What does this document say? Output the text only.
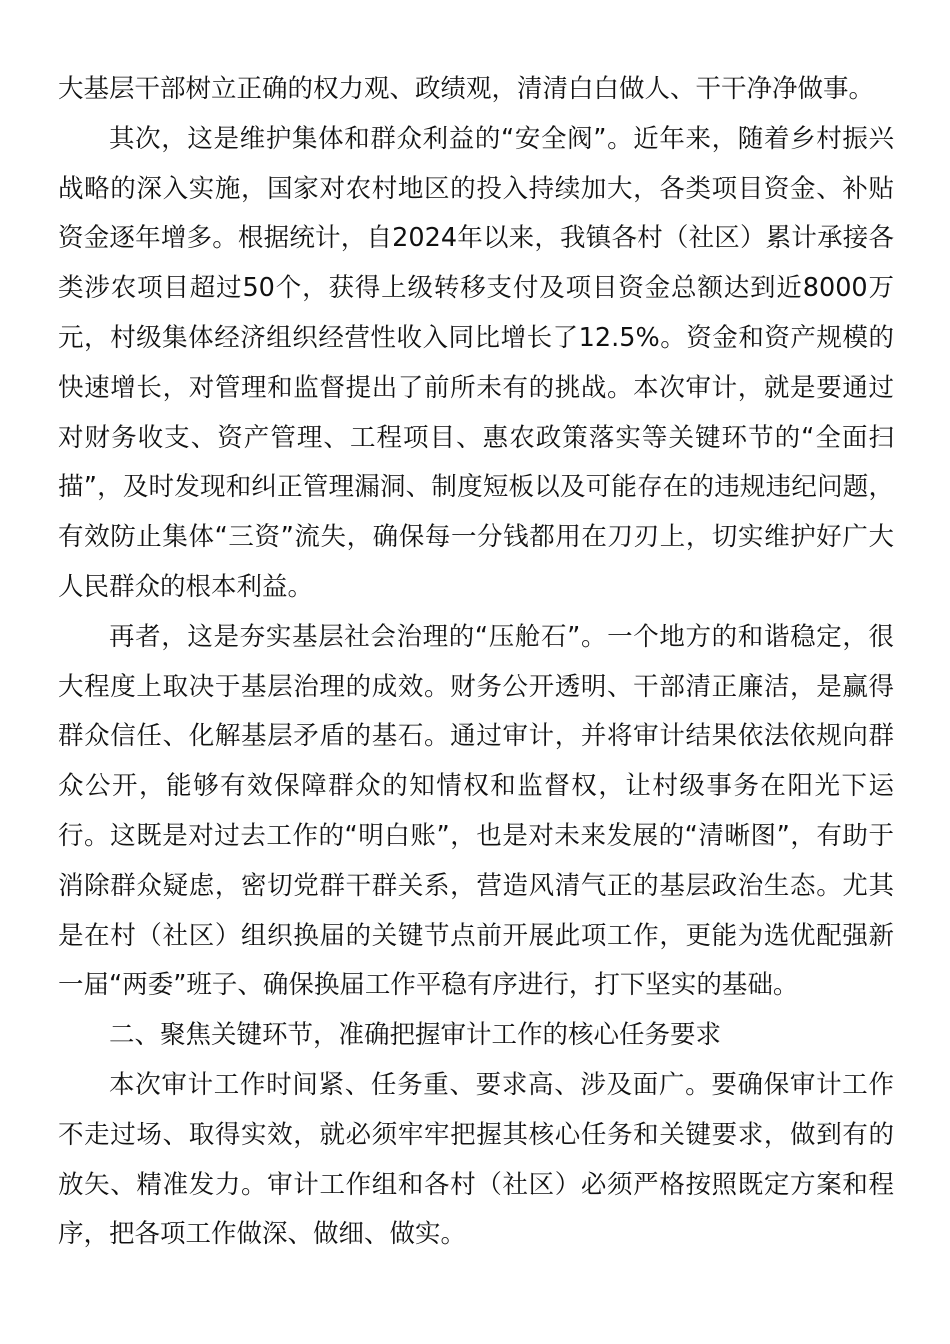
大基层干部树立正确的权力观、政绩观，清清白白做人、干干净净做事。

其次，这是维护集体和群众利益的“安全阀”。近年来，随着乡村振兴战略的深入实施，国家对农村地区的投入持续加大，各类项目资金、补贴资金逐年增多。根据统计，自2024年以来，我镇各村（社区）累计承接各类涉农项目超过50个，获得上级转移支付及项目资金总额达到近8000万元，村级集体经济组织经营性收入同比增长了12.5%。资金和资产规模的快速增长，对管理和监督提出了前所未有的挑战。本次审计，就是要通过对财务收支、资产管理、工程项目、惠农政策落实等关键环节的“全面扫描”，及时发现和纠正管理漏洞、制度短板以及可能存在的违规违纪问题，有效防止集体“三资”流失，确保每一分钱都用在刀刃上，切实维护好广大人民群众的根本利益。

再者，这是夯实基层社会治理的“压舱石”。一个地方的和谐稳定，很大程度上取决于基层治理的成效。财务公开透明、干部清正廉洁，是赢得群众信任、化解基层矛盾的基石。通过审计，并将审计结果依法依规向群众公开，能够有效保障群众的知情权和监督权，让村级事务在阳光下运行。这既是对过去工作的“明白账”，也是对未来发展的“清晰图”，有助于消除群众疑虑，密切党群干群关系，营造风清气正的基层政治生态。尤其是在村（社区）组织换届的关键节点前开展此项工作，更能为选优配强新一届“两委”班子、确保换届工作平稳有序进行，打下坚实的基础。

二、聚焦关键环节，准确把握审计工作的核心任务要求

本次审计工作时间紧、任务重、要求高、涉及面广。要确保审计工作不走过场、取得实效，就必须牢牢把握其核心任务和关键要求，做到有的放矢、精准发力。审计工作组和各村（社区）必须严格按照既定方案和程序，把各项工作做深、做细、做实。
